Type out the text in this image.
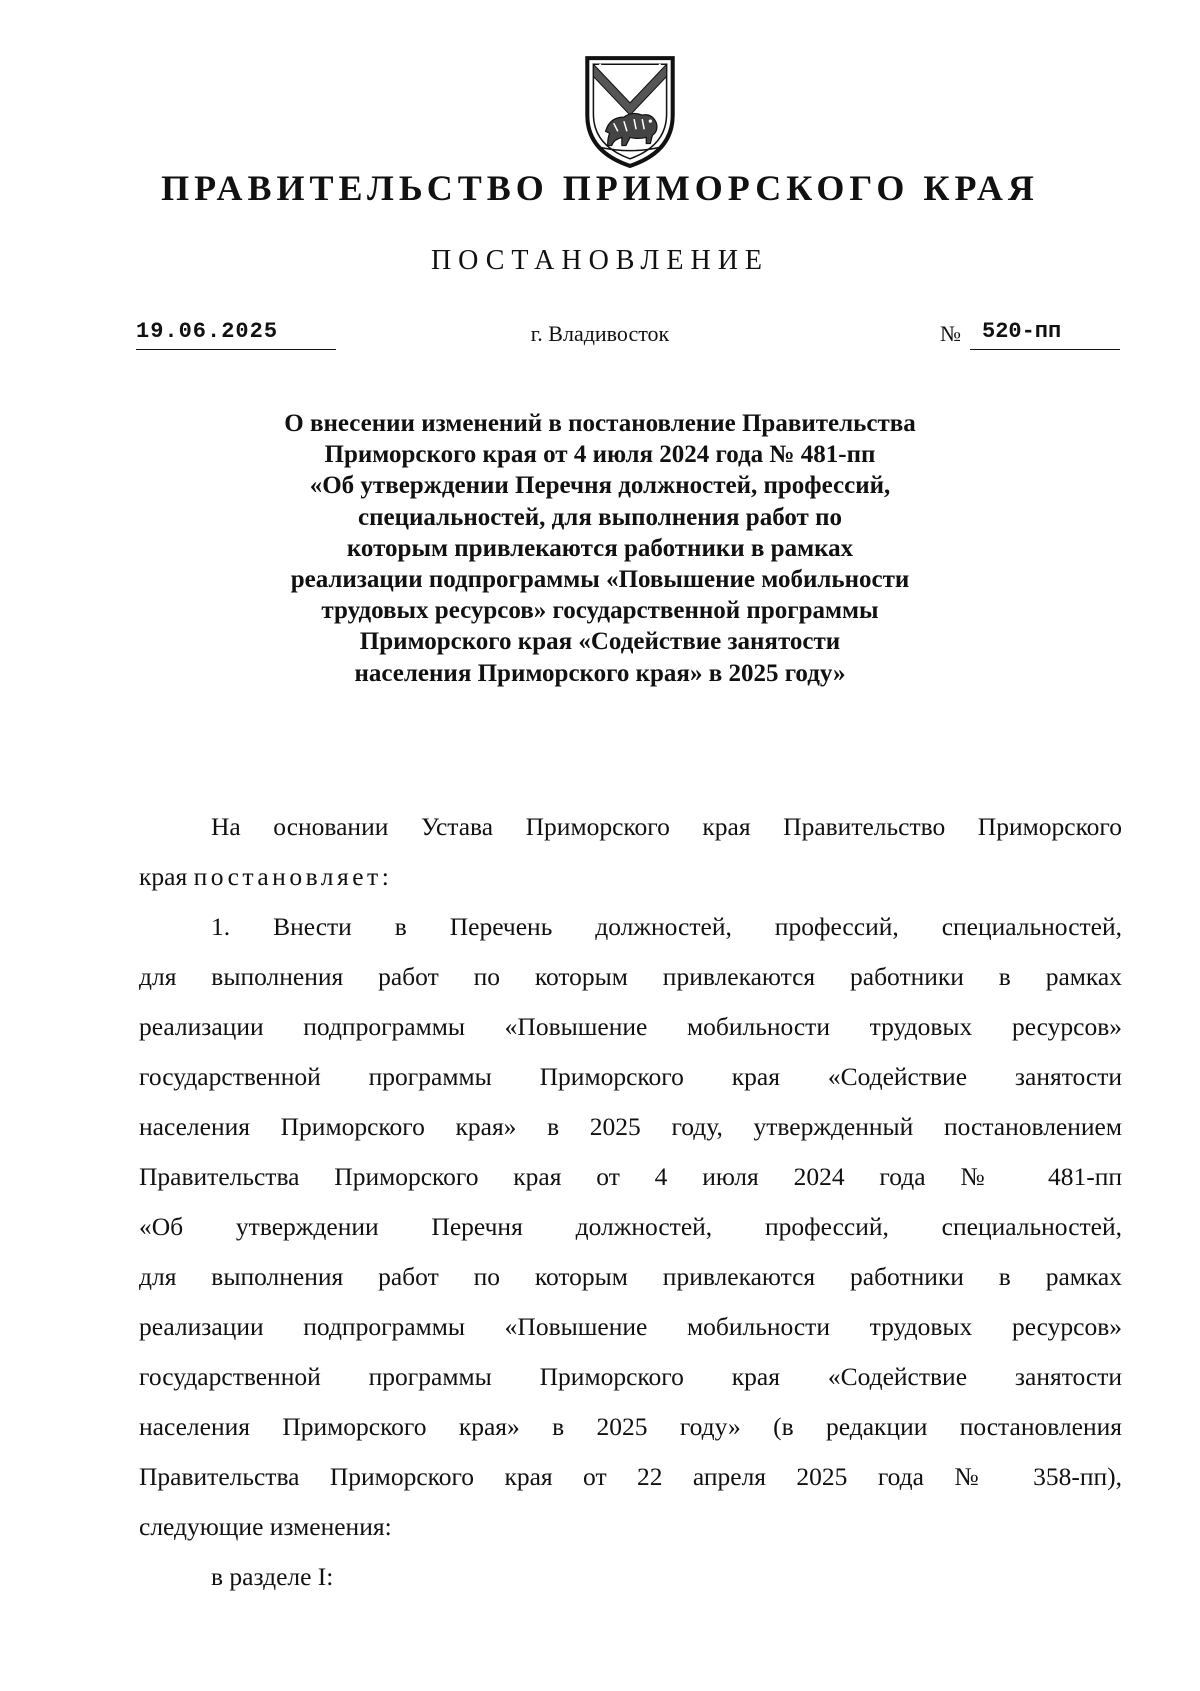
ПРАВИТЕЛЬСТВО ПРИМОРСКОГО КРАЯ
ПОСТАНОВЛЕНИЕ
19.06.2025	г. Владивосток	№ 520-пп
О внесении изменений в постановление Правительства
Приморского края от 4 июля 2024 года № 481-пп
«Об утверждении Перечня должностей, профессий,
специальностей, для выполнения работ по
которым привлекаются работники в рамках
реализации подпрограммы «Повышение мобильности
трудовых ресурсов» государственной программы
Приморского края «Содействие занятости
населения Приморского края» в 2025 году»
На основании Устава Приморского края Правительство Приморского
края постановляет:
1. Внести в Перечень должностей, профессий, специальностей,
для выполнения работ по которым привлекаются работники в рамках
реализации подпрограммы «Повышение мобильности трудовых ресурсов»
государственной программы Приморского края «Содействие занятости
населения Приморского края» в 2025 году, утвержденный постановлением
Правительства Приморского края от 4 июля 2024 года № 481-пп
«Об утверждении Перечня должностей, профессий, специальностей,
для выполнения работ по которым привлекаются работники в рамках
реализации подпрограммы «Повышение мобильности трудовых ресурсов»
государственной программы Приморского края «Содействие занятости
населения Приморского края» в 2025 году» (в редакции постановления
Правительства Приморского края от 22 апреля 2025 года № 358-пп),
следующие изменения:
в разделе I:
